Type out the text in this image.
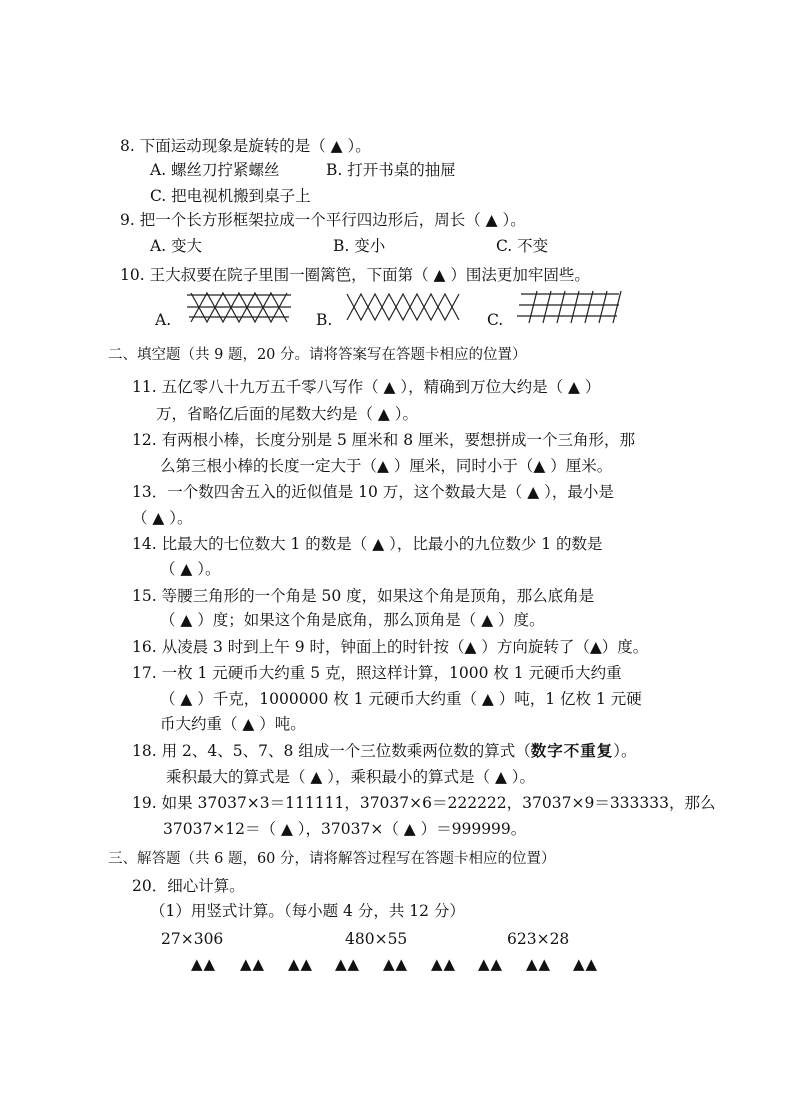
8. 下面运动现象是旋转的是（ ▲ ）。
A. 螺丝刀拧紧螺丝	B. 打开书桌的抽屉
C. 把电视机搬到桌子上
9. 把一个长方形框架拉成一个平行四边形后，周长（ ▲ ）。
A. 变大	B. 变小	C. 不变
10. 王大叔要在院子里围一圈篱笆，下面第（ ▲ ）围法更加牢固些。
A.	B.	C.
二、填空题（共 9 题，20 分。请将答案写在答题卡相应的位置）
11. 五亿零八十九万五千零八写作（ ▲ ），精确到万位大约是（ ▲ ）
万，省略亿后面的尾数大约是（ ▲ ）。
12. 有两根小棒，长度分别是 5 厘米和 8 厘米，要想拼成一个三角形，那
么第三根小棒的长度一定大于（▲ ）厘米，同时小于（▲ ）厘米。
13．一个数四舍五入的近似值是 10 万，这个数最大是（ ▲ ），最小是
（ ▲ ）。
14. 比最大的七位数大 1 的数是（ ▲ ），比最小的九位数少 1 的数是
（ ▲ ）。
15. 等腰三角形的一个角是 50 度，如果这个角是顶角，那么底角是
（ ▲ ）度；如果这个角是底角，那么顶角是（ ▲ ）度。
16. 从凌晨 3 时到上午 9 时，钟面上的时针按（▲ ）方向旋转了（▲）度。
17. 一枚 1 元硬币大约重 5 克，照这样计算，1000 枚 1 元硬币大约重
（ ▲ ）千克，1000000 枚 1 元硬币大约重（ ▲ ）吨，1 亿枚 1 元硬
币大约重（ ▲ ）吨。
18. 用 2、4、5、7、8 组成一个三位数乘两位数的算式（数字不重复）。
乘积最大的算式是（ ▲ ），乘积最小的算式是（ ▲ ）。
19. 如果 37037×3＝111111，37037×6＝222222，37037×9＝333333，那么
37037×12＝（ ▲ ），37037×（ ▲ ）＝999999。
三、解答题（共 6 题，60 分，请将解答过程写在答题卡相应的位置）
20．细心计算。
（1）用竖式计算。（每小题 4 分，共 12 分）
27×306	480×55	623×28
▲▲ ▲▲ ▲▲ ▲▲ ▲▲ ▲▲ ▲▲ ▲▲ ▲▲
